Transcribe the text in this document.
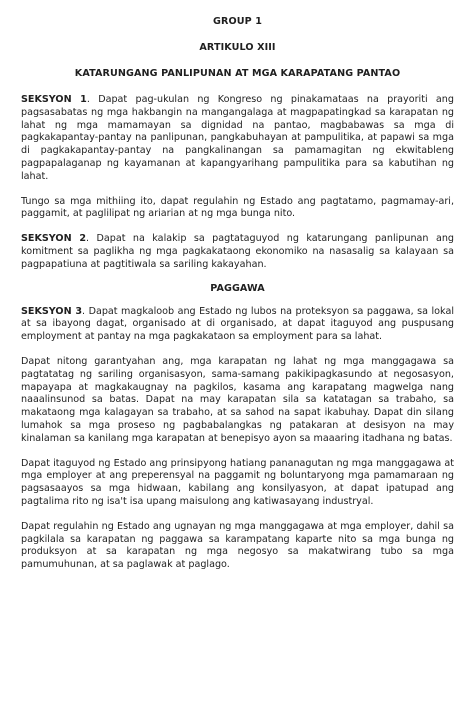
GROUP 1
ARTIKULO XIII
KATARUNGANG PANLIPUNAN AT MGA KARAPATANG PANTAO

SEKSYON 1. Dapat pag-ukulan ng Kongreso ng pinakamataas na prayoriti ang pagsasabatas ng mga hakbangin na mangangalaga at magpapatingkad sa karapatan ng lahat ng mga mamamayan sa dignidad na pantao, magbabawas sa mga di pagkakapantay-pantay na panlipunan, pangkabuhayan at pampulitika, at papawi sa mga di pagkakapantay-pantay na pangkalinangan sa pamamagitan ng ekwitableng pagpapalaganap ng kayamanan at kapangyarihang pampulitika para sa kabutihan ng lahat.

Tungo sa mga mithiing ito, dapat regulahin ng Estado ang pagtatamo, pagmamay-ari, paggamit, at paglilipat ng ariarian at ng mga bunga nito.

SEKSYON 2. Dapat na kalakip sa pagtataguyod ng katarungang panlipunan ang komitment sa paglikha ng mga pagkakataong ekonomiko na nasasalig sa kalayaan sa pagpapatiuna at pagtitiwala sa sariling kakayahan.

PAGGAWA

SEKSYON 3. Dapat magkaloob ang Estado ng lubos na proteksyon sa paggawa, sa lokal at sa ibayong dagat, organisado at di organisado, at dapat itaguyod ang puspusang employment at pantay na mga pagkakataon sa employment para sa lahat.

Dapat nitong garantyahan ang, mga karapatan ng lahat ng mga manggagawa sa pagtatatag ng sariling organisasyon, sama-samang pakikipagkasundo at negosasyon, mapayapa at magkakaugnay na pagkilos, kasama ang karapatang magwelga nang naaalinsunod sa batas. Dapat na may karapatan sila sa katatagan sa trabaho, sa makataong mga kalagayan sa trabaho, at sa sahod na sapat ikabuhay. Dapat din silang lumahok sa mga proseso ng pagbabalangkas ng patakaran at desisyon na may kinalaman sa kanilang mga karapatan at benepisyo ayon sa maaaring itadhana ng batas.

Dapat itaguyod ng Estado ang prinsipyong hatiang pananagutan ng mga manggagawa at mga employer at ang preperensyal na paggamit ng boluntaryong mga pamamaraan ng pagsasaayos sa mga hidwaan, kabilang ang konsilyasyon, at dapat ipatupad ang pagtalima rito ng isa't isa upang maisulong ang katiwasayang industryal.

Dapat regulahin ng Estado ang ugnayan ng mga manggagawa at mga employer, dahil sa pagkilala sa karapatan ng paggawa sa karampatang kaparte nito sa mga bunga ng produksyon at sa karapatan ng mga negosyo sa makatwirang tubo sa mga pamumuhunan, at sa paglawak at paglago.
